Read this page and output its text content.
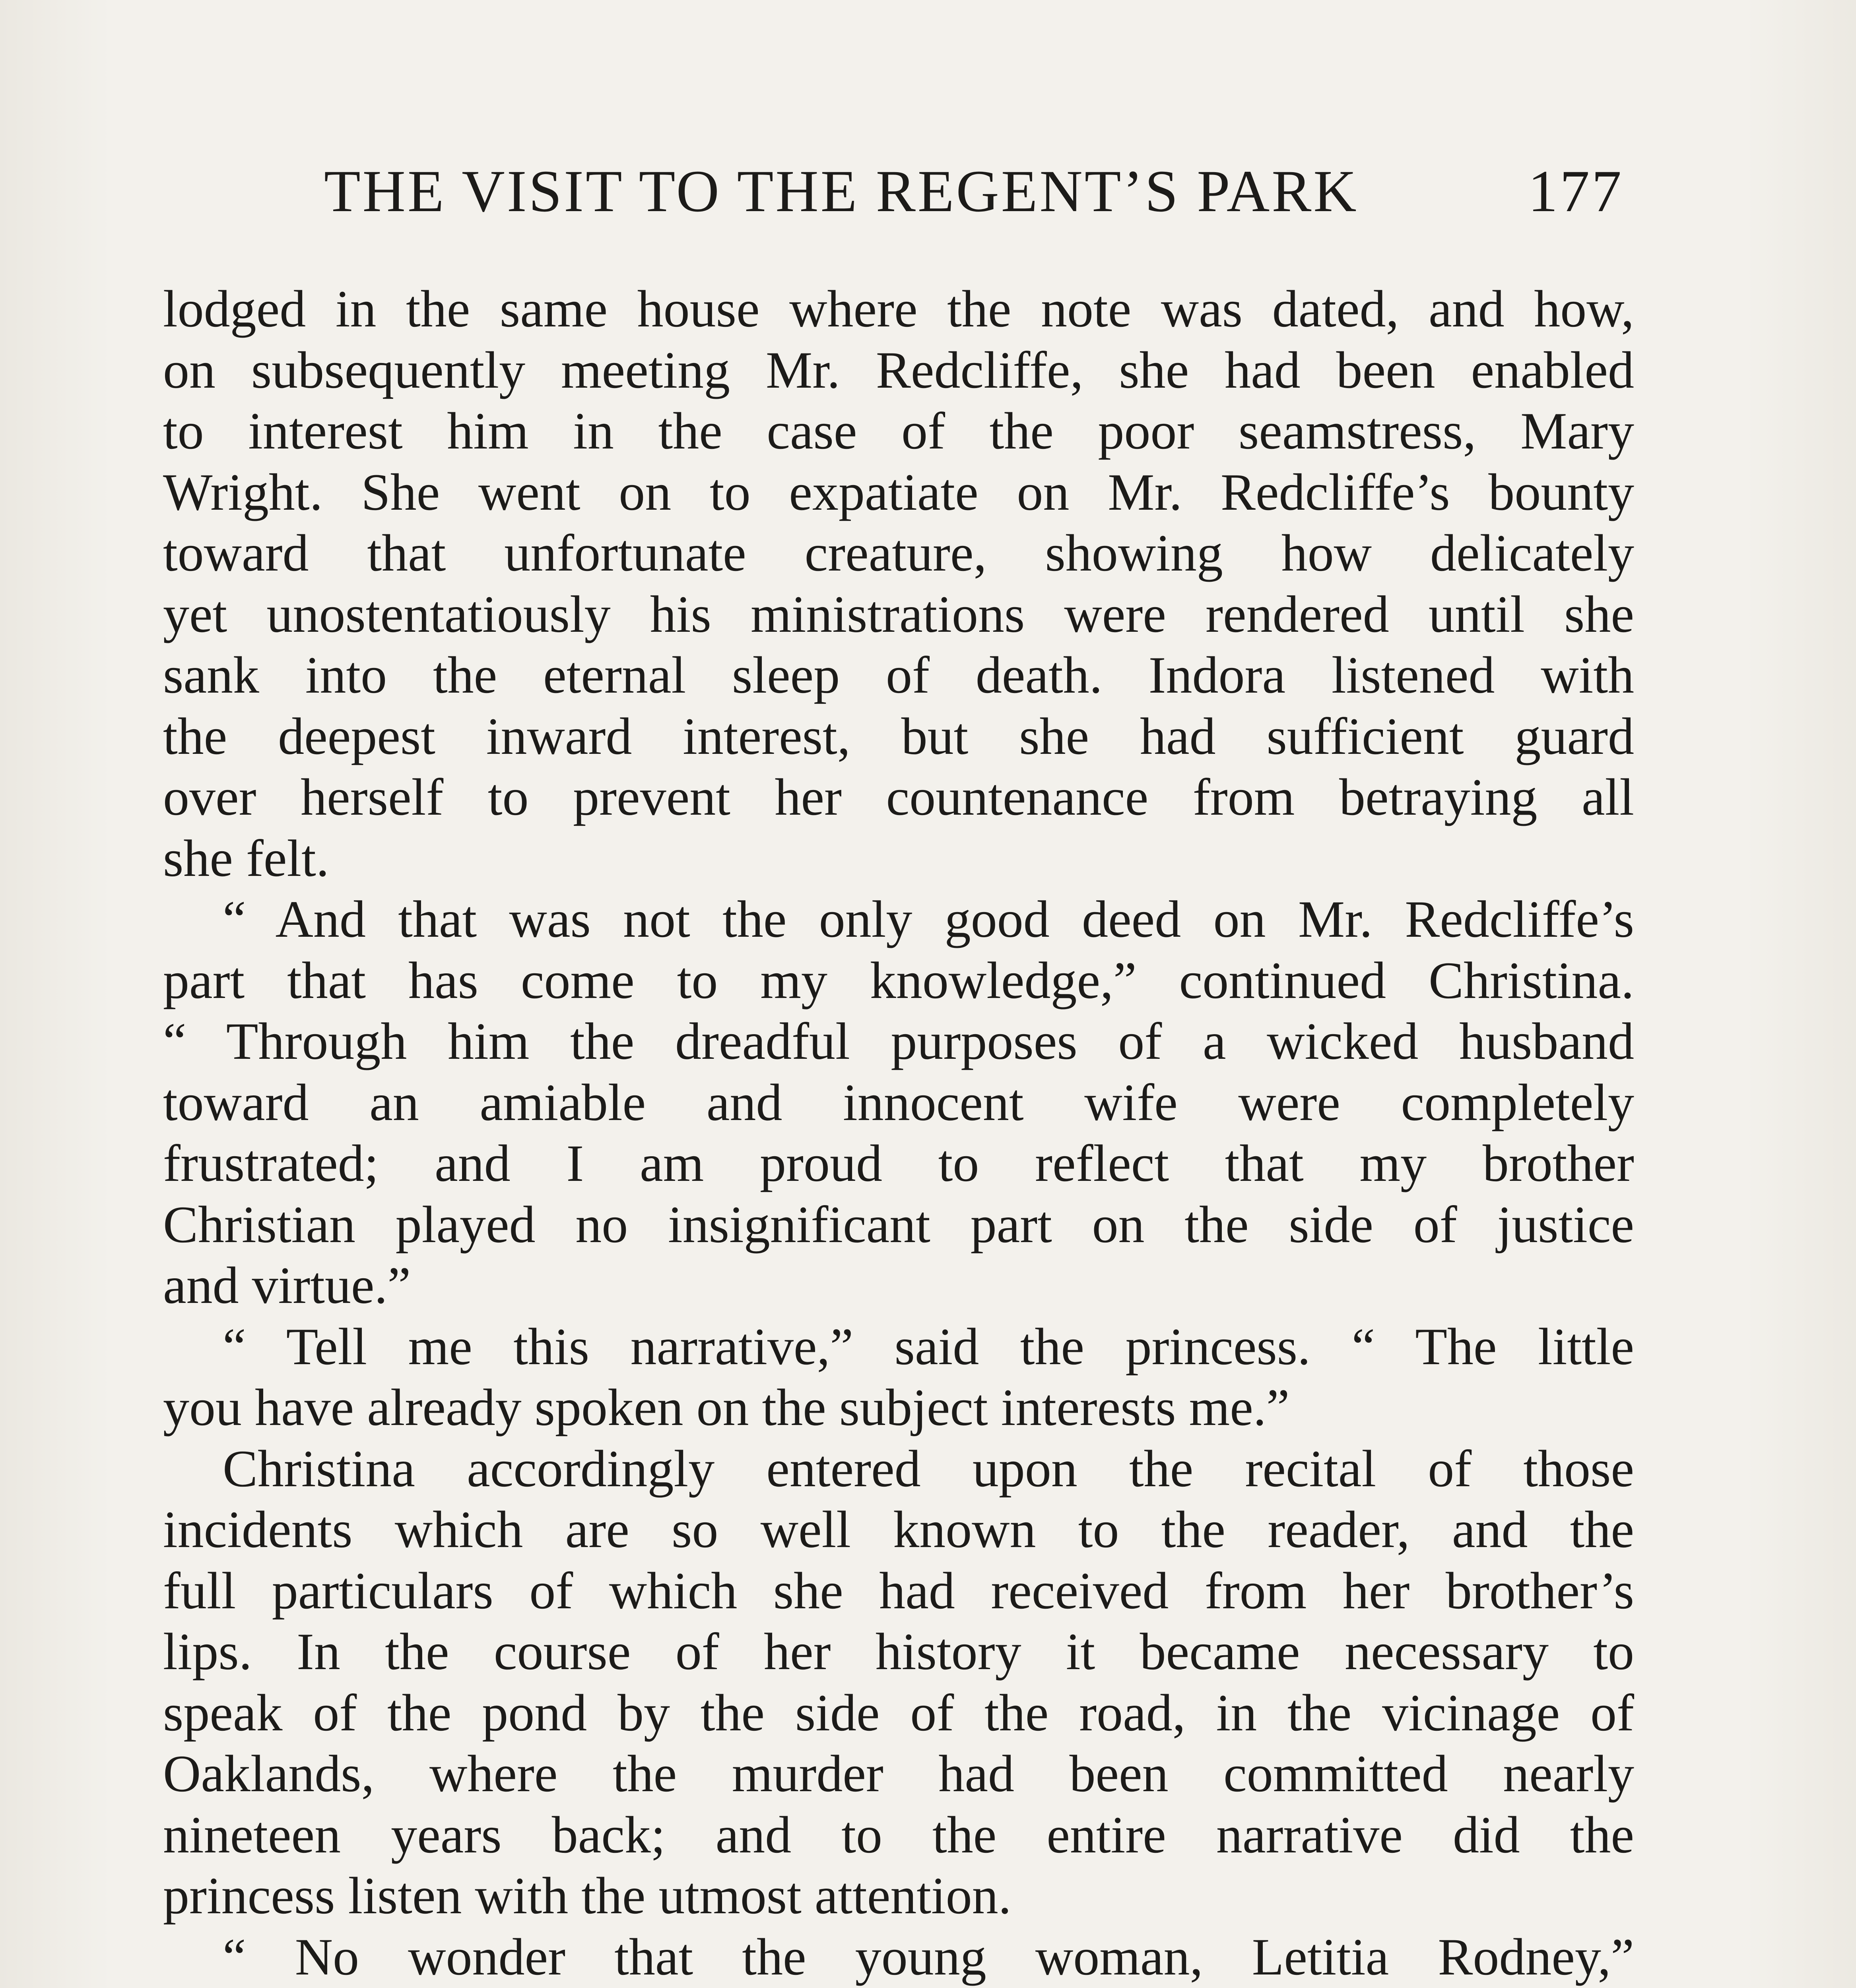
THE VISIT TO THE REGENT’S PARK	177
lodged in the same house where the note was dated, and how,
on subsequently meeting Mr. Redcliffe, she had been enabled
to interest him in the case of the poor seamstress, Mary
Wright. She went on to expatiate on Mr. Redcliffe’s bounty
toward that unfortunate creature, showing how delicately
yet unostentatiously his ministrations were rendered until she
sank into the eternal sleep of death. Indora listened with
the deepest inward interest, but she had sufficient guard
over herself to prevent her countenance from betraying all
she felt.
“ And that was not the only good deed on Mr. Redcliffe’s
part that has come to my knowledge,” continued Christina.
“ Through him the dreadful purposes of a wicked husband
toward an amiable and innocent wife were completely
frustrated; and I am proud to reflect that my brother
Christian played no insignificant part on the side of justice
and virtue.”
“ Tell me this narrative,” said the princess. “ The little
you have already spoken on the subject interests me.”
Christina accordingly entered upon the recital of those
incidents which are so well known to the reader, and the
full particulars of which she had received from her brother’s
lips. In the course of her history it became necessary to
speak of the pond by the side of the road, in the vicinage of
Oaklands, where the murder had been committed nearly
nineteen years back; and to the entire narrative did the
princess listen with the utmost attention.
“ No wonder that the young woman, Letitia Rodney,”
